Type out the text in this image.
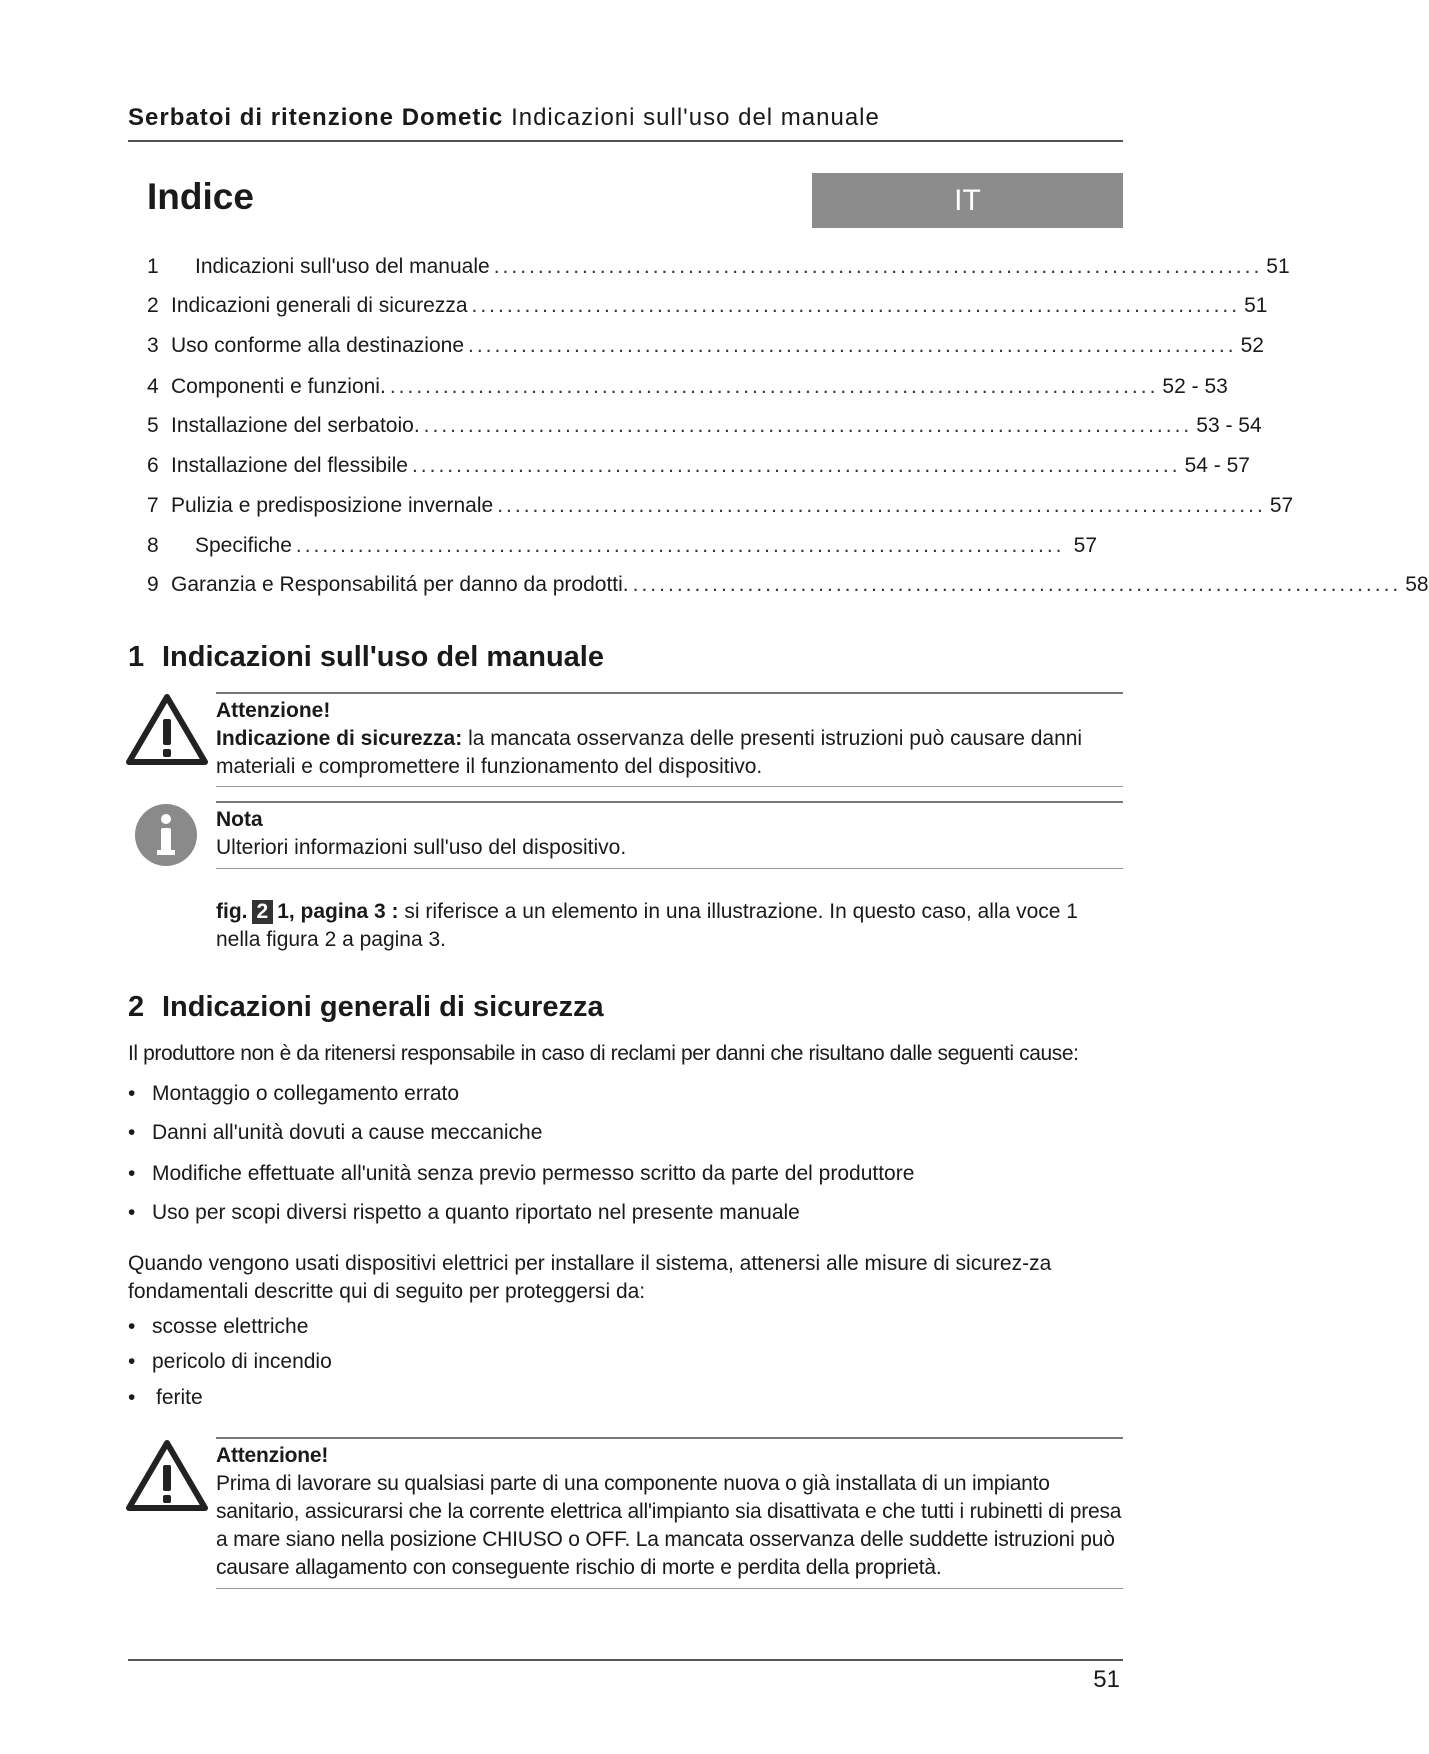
Serbatoi di ritenzione Dometic Indicazioni sull'uso del manuale
Indice	IT
1	Indicazioni sull'uso del manuale ....................................................................................... 51
2 Indicazioni generali di sicurezza ....................................................................................... 51
3 Uso conforme alla destinazione ....................................................................................... 52
4 Componenti e funzioni. ....................................................................................... 52 - 53
5 Installazione del serbatoio. ....................................................................................... 53 - 54
6 Installazione del flessibile ....................................................................................... 54 - 57
7 Pulizia e predisposizione invernale ....................................................................................... 57
8	Specifiche ....................................................................................... 57
9 Garanzia e Responsabilitá per danno da prodotti. ....................................................................................... 58
1 Indicazioni sull'uso del manuale
Attenzione!
Indicazione di sicurezza: la mancata osservanza delle presenti istruzioni può causare danni materiali e compromettere il funzionamento del dispositivo.
Nota
Ulteriori informazioni sull'uso del dispositivo.
fig. 2 1, pagina 3 : si riferisce a un elemento in una illustrazione. In questo caso, alla voce 1 nella figura 2 a pagina 3.
2 Indicazioni generali di sicurezza
Il produttore non è da ritenersi responsabile in caso di reclami per danni che risultano dalle seguenti cause:
• Montaggio o collegamento errato
• Danni all'unità dovuti a cause meccaniche
• Modifiche effettuate all'unità senza previo permesso scritto da parte del produttore
• Uso per scopi diversi rispetto a quanto riportato nel presente manuale
Quando vengono usati dispositivi elettrici per installare il sistema, attenersi alle misure di sicurez-za fondamentali descritte qui di seguito per proteggersi da:
• scosse elettriche
• pericolo di incendio
• ferite
Attenzione!
Prima di lavorare su qualsiasi parte di una componente nuova o già installata di un impianto sanitario, assicurarsi che la corrente elettrica all'impianto sia disattivata e che tutti i rubinetti di presa a mare siano nella posizione CHIUSO o OFF. La mancata osservanza delle suddette istruzioni può causare allagamento con conseguente rischio di morte e perdita della proprietà.
51
